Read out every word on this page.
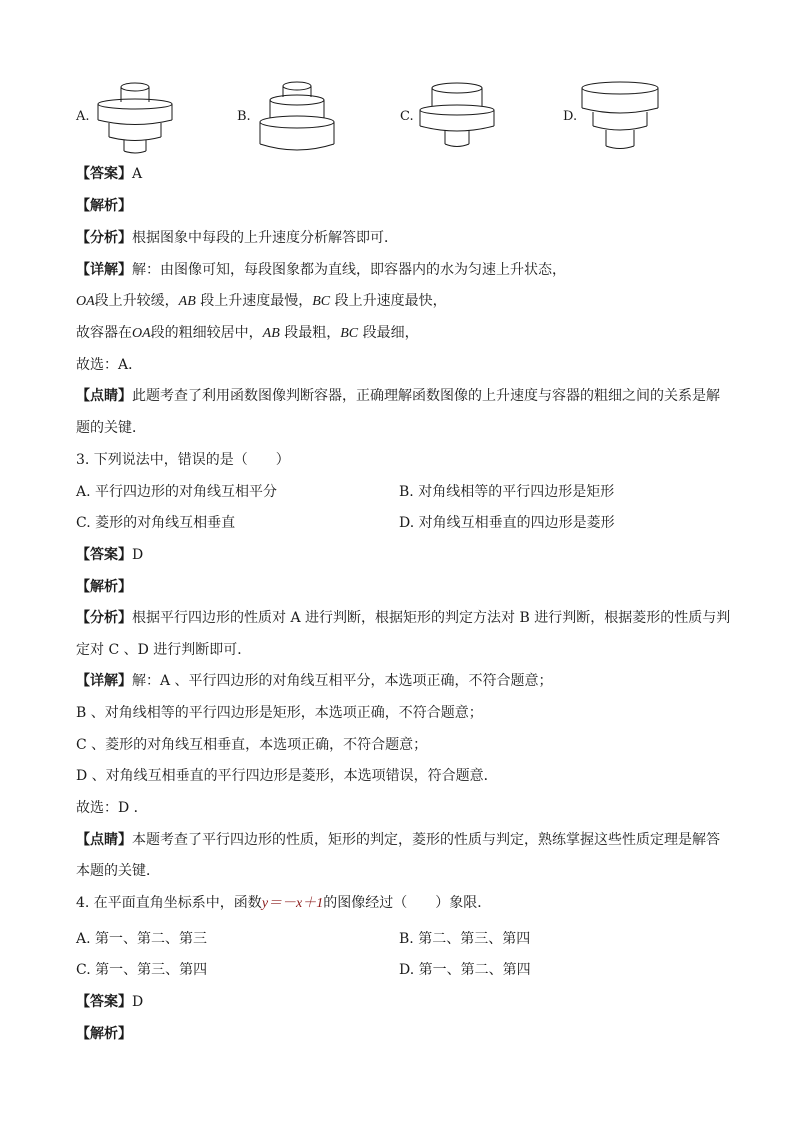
A.	B.	C.	D.
【答案】A
【解析】
【分析】根据图象中每段的上升速度分析解答即可．
【详解】解：由图像可知，每段图象都为直线，即容器内的水为匀速上升状态，
OA段上升较缓，AB 段上升速度最慢，BC 段上升速度最快，
故容器在OA段的粗细较居中，AB 段最粗，BC 段最细，
故选：A．
【点睛】此题考查了利用函数图像判断容器，正确理解函数图像的上升速度与容器的粗细之间的关系是解
题的关键．
3. 下列说法中，错误的是（　　）
A. 平行四边形的对角线互相平分	B. 对角线相等的平行四边形是矩形
C. 菱形的对角线互相垂直	D. 对角线互相垂直的四边形是菱形
【答案】D
【解析】
【分析】根据平行四边形的性质对 A 进行判断，根据矩形的判定方法对 B 进行判断，根据菱形的性质与判
定对 C 、D 进行判断即可．
【详解】解：A 、平行四边形的对角线互相平分，本选项正确，不符合题意；
B 、对角线相等的平行四边形是矩形，本选项正确，不符合题意；
C 、菱形的对角线互相垂直，本选项正确，不符合题意；
D 、对角线互相垂直的平行四边形是菱形，本选项错误，符合题意．
故选：D ．
【点睛】本题考查了平行四边形的性质，矩形的判定，菱形的性质与判定，熟练掌握这些性质定理是解答
本题的关键．
4. 在平面直角坐标系中，函数y＝－x＋1的图像经过（　　）象限．
A. 第一、第二、第三	B. 第二、第三、第四
C. 第一、第三、第四	D. 第一、第二、第四
【答案】D
【解析】
